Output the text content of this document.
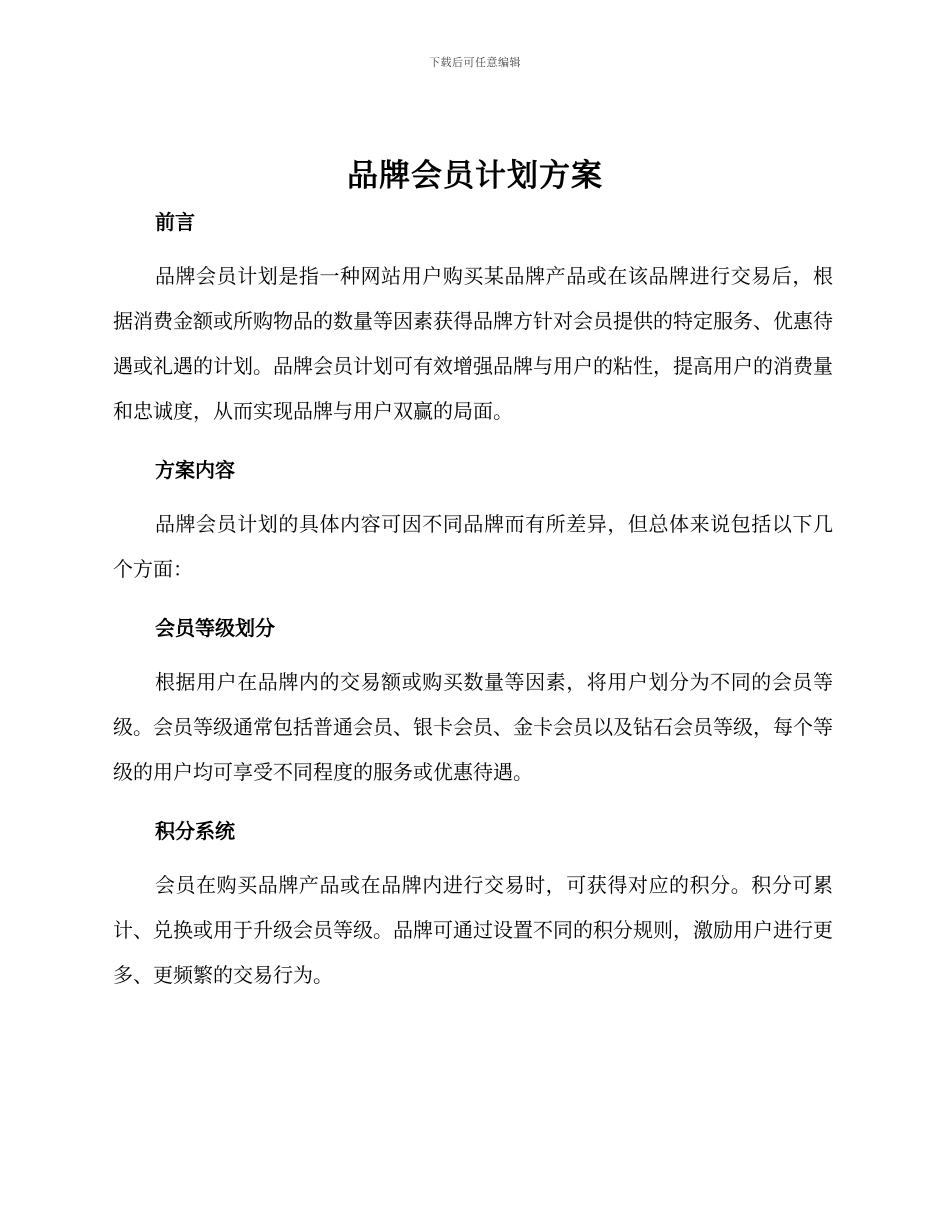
下载后可任意编辑
品牌会员计划方案
前言

品牌会员计划是指一种网站用户购买某品牌产品或在该品牌进行交易后，根据消费金额或所购物品的数量等因素获得品牌方针对会员提供的特定服务、优惠待遇或礼遇的计划。品牌会员计划可有效增强品牌与用户的粘性，提高用户的消费量和忠诚度，从而实现品牌与用户双赢的局面。

方案内容

品牌会员计划的具体内容可因不同品牌而有所差异，但总体来说包括以下几个方面：

会员等级划分

根据用户在品牌内的交易额或购买数量等因素，将用户划分为不同的会员等级。会员等级通常包括普通会员、银卡会员、金卡会员以及钻石会员等级，每个等级的用户均可享受不同程度的服务或优惠待遇。

积分系统

会员在购买品牌产品或在品牌内进行交易时，可获得对应的积分。积分可累计、兑换或用于升级会员等级。品牌可通过设置不同的积分规则，激励用户进行更多、更频繁的交易行为。
